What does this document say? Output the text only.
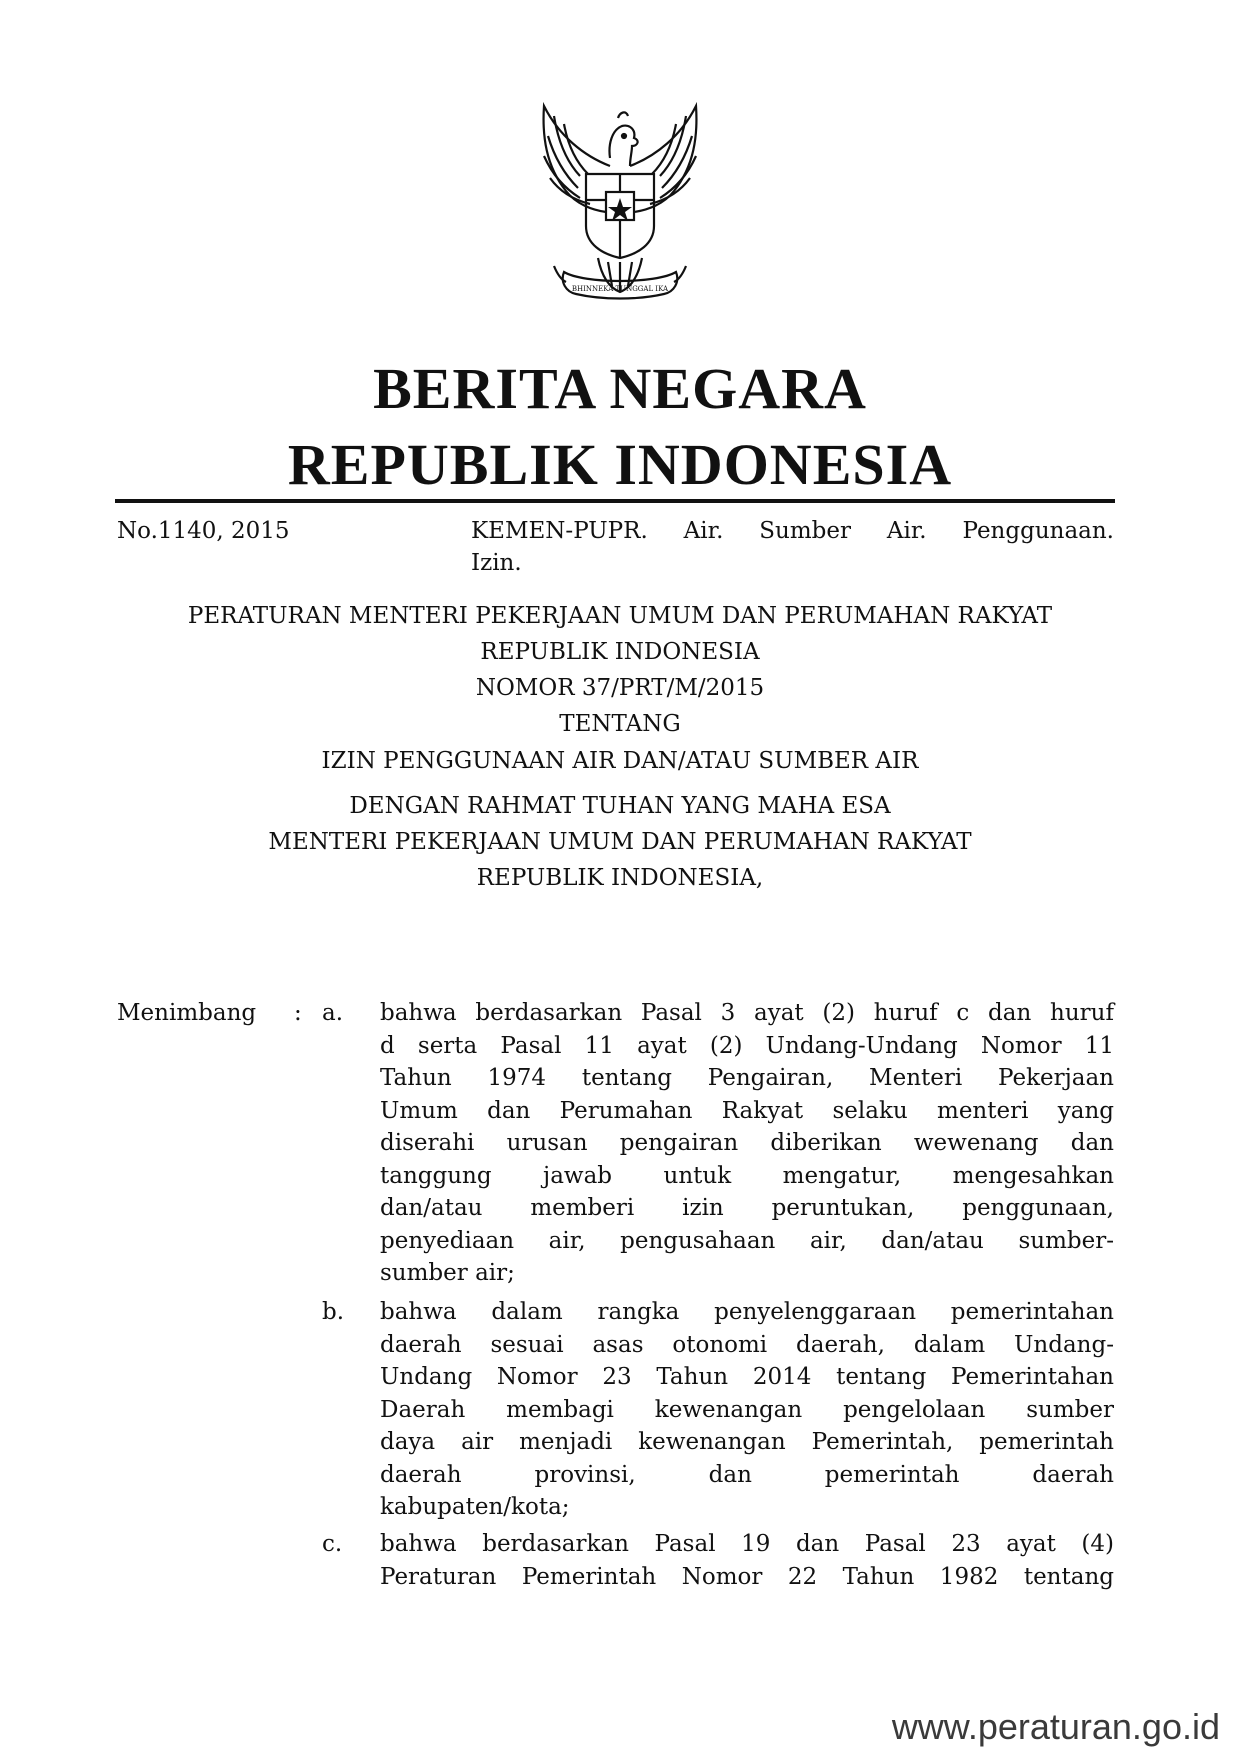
BHINNEKA TUNGGAL IKA
BERITA NEGARA
REPUBLIK INDONESIA
No.1140, 2015	KEMEN-PUPR. Air. Sumber Air. Penggunaan.
Izin.
PERATURAN MENTERI PEKERJAAN UMUM DAN PERUMAHAN RAKYAT
REPUBLIK INDONESIA
NOMOR 37/PRT/M/2015
TENTANG
IZIN PENGGUNAAN AIR DAN/ATAU SUMBER AIR
DENGAN RAHMAT TUHAN YANG MAHA ESA
MENTERI PEKERJAAN UMUM DAN PERUMAHAN RAKYAT
REPUBLIK INDONESIA,
Menimbang : a. bahwa berdasarkan Pasal 3 ayat (2) huruf c dan huruf
d serta Pasal 11 ayat (2) Undang-Undang Nomor 11
Tahun 1974 tentang Pengairan, Menteri Pekerjaan
Umum dan Perumahan Rakyat selaku menteri yang
diserahi urusan pengairan diberikan wewenang dan
tanggung jawab untuk mengatur, mengesahkan
dan/atau memberi izin peruntukan, penggunaan,
penyediaan air, pengusahaan air, dan/atau sumber-
sumber air;
b. bahwa dalam rangka penyelenggaraan pemerintahan
daerah sesuai asas otonomi daerah, dalam Undang-
Undang Nomor 23 Tahun 2014 tentang Pemerintahan
Daerah membagi kewenangan pengelolaan sumber
daya air menjadi kewenangan Pemerintah, pemerintah
daerah provinsi, dan pemerintah daerah
kabupaten/kota;
c. bahwa berdasarkan Pasal 19 dan Pasal 23 ayat (4)
Peraturan Pemerintah Nomor 22 Tahun 1982 tentang
www.peraturan.go.id
